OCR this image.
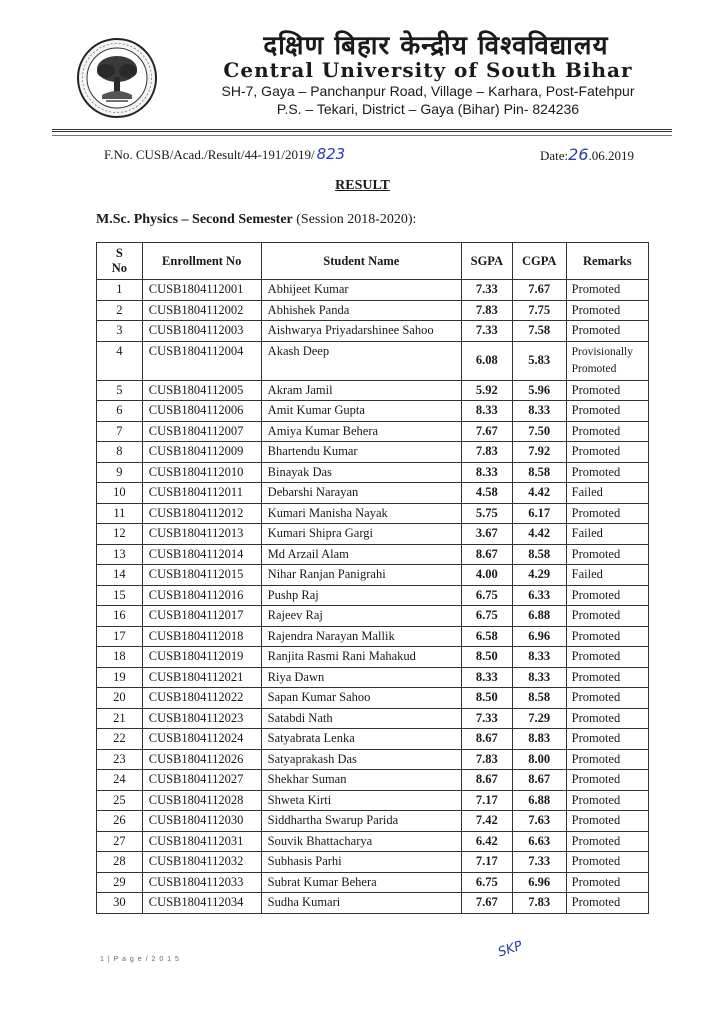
दक्षिण बिहार केन्द्रीय विश्वविद्यालय
Central University of South Bihar
SH-7, Gaya – Panchanpur Road, Village – Karhara, Post-Fatehpur
P.S. – Tekari, District – Gaya (Bihar) Pin- 824236
F.No. CUSB/Acad./Result/44-191/2019/ 823	Date:26.06.2019
RESULT
M.Sc. Physics – Second Semester (Session 2018-2020):
S
No	Enrollment No	Student Name	SGPA	CGPA	Remarks
1	CUSB1804112001	Abhijeet Kumar	7.33	7.67	Promoted
2	CUSB1804112002	Abhishek Panda	7.83	7.75	Promoted
3	CUSB1804112003	Aishwarya Priyadarshinee Sahoo	7.33	7.58	Promoted
4	CUSB1804112004	Akash Deep	6.08	5.83	Provisionally Promoted
5	CUSB1804112005	Akram Jamil	5.92	5.96	Promoted
6	CUSB1804112006	Amit Kumar Gupta	8.33	8.33	Promoted
7	CUSB1804112007	Amiya Kumar Behera	7.67	7.50	Promoted
8	CUSB1804112009	Bhartendu Kumar	7.83	7.92	Promoted
9	CUSB1804112010	Binayak Das	8.33	8.58	Promoted
10	CUSB1804112011	Debarshi Narayan	4.58	4.42	Failed
11	CUSB1804112012	Kumari Manisha Nayak	5.75	6.17	Promoted
12	CUSB1804112013	Kumari Shipra Gargi	3.67	4.42	Failed
13	CUSB1804112014	Md Arzail Alam	8.67	8.58	Promoted
14	CUSB1804112015	Nihar Ranjan Panigrahi	4.00	4.29	Failed
15	CUSB1804112016	Pushp Raj	6.75	6.33	Promoted
16	CUSB1804112017	Rajeev Raj	6.75	6.88	Promoted
17	CUSB1804112018	Rajendra Narayan Mallik	6.58	6.96	Promoted
18	CUSB1804112019	Ranjita Rasmi Rani Mahakud	8.50	8.33	Promoted
19	CUSB1804112021	Riya Dawn	8.33	8.33	Promoted
20	CUSB1804112022	Sapan Kumar Sahoo	8.50	8.58	Promoted
21	CUSB1804112023	Satabdi Nath	7.33	7.29	Promoted
22	CUSB1804112024	Satyabrata Lenka	8.67	8.83	Promoted
23	CUSB1804112026	Satyaprakash Das	7.83	8.00	Promoted
24	CUSB1804112027	Shekhar Suman	8.67	8.67	Promoted
25	CUSB1804112028	Shweta Kirti	7.17	6.88	Promoted
26	CUSB1804112030	Siddhartha Swarup Parida	7.42	7.63	Promoted
27	CUSB1804112031	Souvik Bhattacharya	6.42	6.63	Promoted
28	CUSB1804112032	Subhasis Parhi	7.17	7.33	Promoted
29	CUSB1804112033	Subrat Kumar Behera	6.75	6.96	Promoted
30	CUSB1804112034	Sudha Kumari	7.67	7.83	Promoted
1 | P a g e / 2 0 1 5	SKP
